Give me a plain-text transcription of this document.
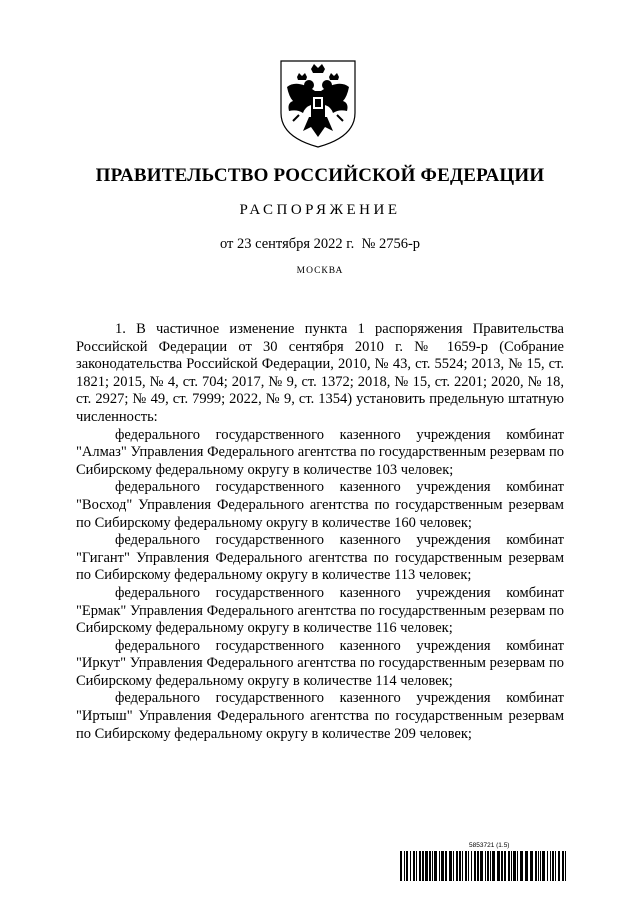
ПРАВИТЕЛЬСТВО РОССИЙСКОЙ ФЕДЕРАЦИИ
РАСПОРЯЖЕНИЕ
от 23 сентября 2022 г. № 2756-р
МОСКВА

1. В частичное изменение пункта 1 распоряжения Правительства Российской Федерации от 30 сентября 2010 г. № 1659-р (Собрание законодательства Российской Федерации, 2010, № 43, ст. 5524; 2013, № 15, ст. 1821; 2015, № 4, ст. 704; 2017, № 9, ст. 1372; 2018, № 15, ст. 2201; 2020, № 18, ст. 2927; № 49, ст. 7999; 2022, № 9, ст. 1354) установить предельную штатную численность:

федерального государственного казенного учреждения комбинат "Алмаз" Управления Федерального агентства по государственным резервам по Сибирскому федеральному округу в количестве 103 человек;

федерального государственного казенного учреждения комбинат "Восход" Управления Федерального агентства по государственным резервам по Сибирскому федеральному округу в количестве 160 человек;

федерального государственного казенного учреждения комбинат "Гигант" Управления Федерального агентства по государственным резервам по Сибирскому федеральному округу в количестве 113 человек;

федерального государственного казенного учреждения комбинат "Ермак" Управления Федерального агентства по государственным резервам по Сибирскому федеральному округу в количестве 116 человек;

федерального государственного казенного учреждения комбинат "Иркут" Управления Федерального агентства по государственным резервам по Сибирскому федеральному округу в количестве 114 человек;

федерального государственного казенного учреждения комбинат "Иртыш" Управления Федерального агентства по государственным резервам по Сибирскому федеральному округу в количестве 209 человек;

5853721 (1.5)
